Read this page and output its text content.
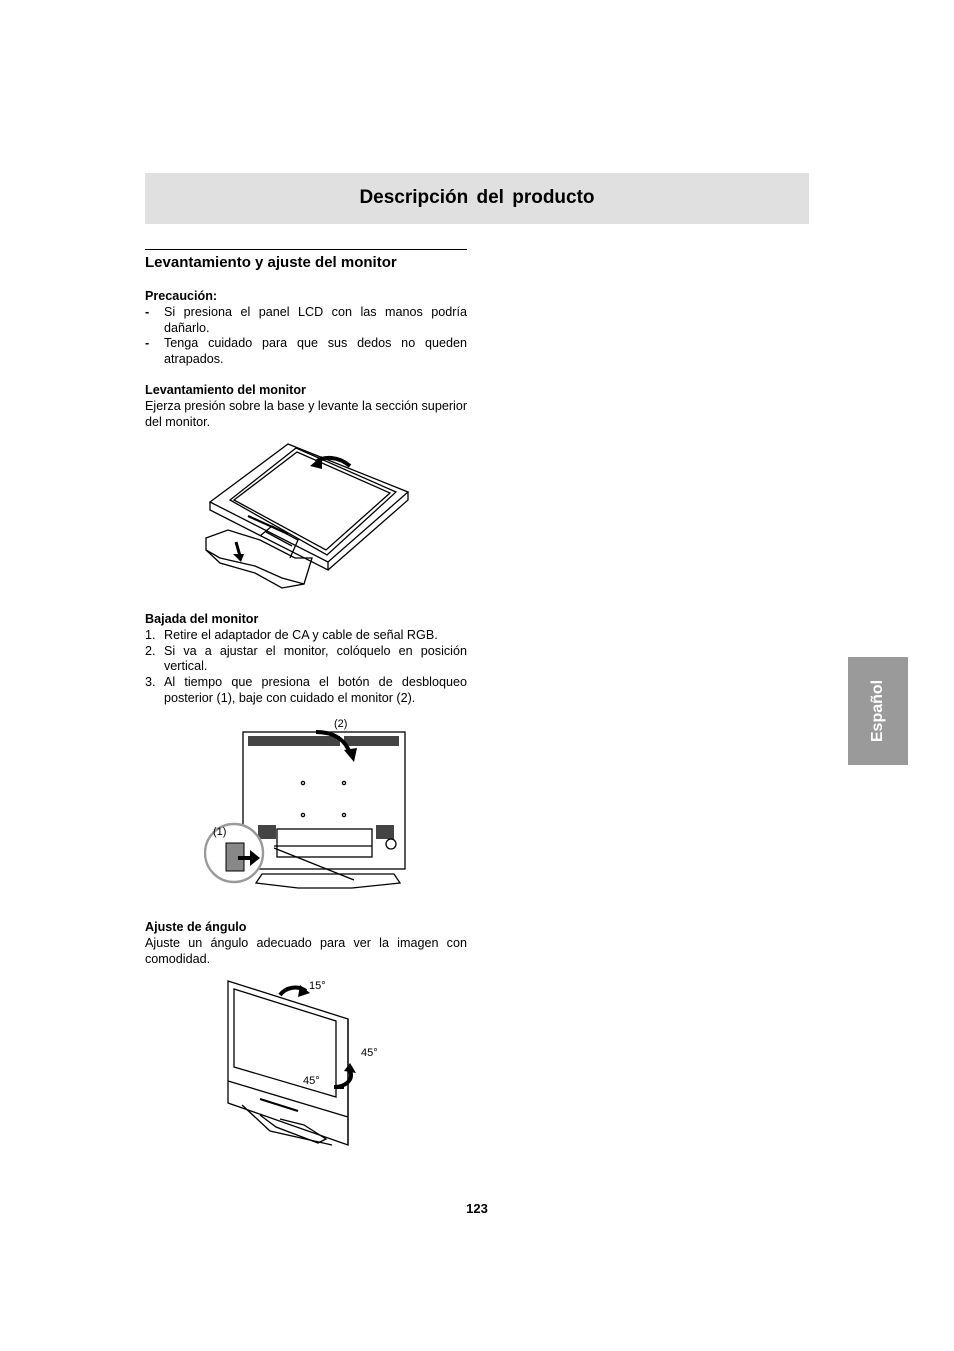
Descripción del producto
Levantamiento y ajuste del monitor
Precaución:
- Si presiona el panel LCD con las manos podría dañarlo.
- Tenga cuidado para que sus dedos no queden atrapados.
Levantamiento del monitor
Ejerza presión sobre la base y levante la sección superior del monitor.
Bajada del monitor
1. Retire el adaptador de CA y cable de señal RGB.
2. Si va a ajustar el monitor, colóquelo en posición vertical.
3. Al tiempo que presiona el botón de desbloqueo posterior (1), baje con cuidado el monitor (2).
(2)
(1)
Ajuste de ángulo
Ajuste un ángulo adecuado para ver la imagen con comodidad.
15°
45°
45°
Español
123
